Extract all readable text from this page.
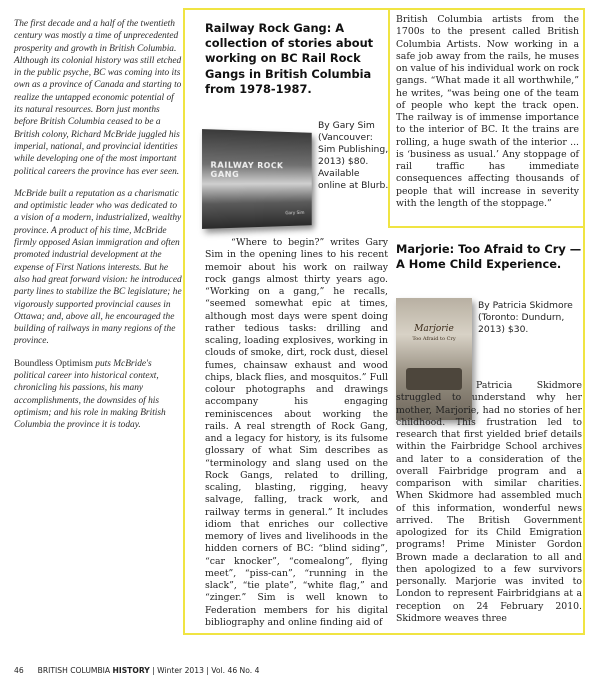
The first decade and a half of the twentieth century was mostly a time of unprecedented prosperity and growth in British Columbia. Although its colonial history was still etched in the public psyche, BC was coming into its own as a province of Canada and starting to realize the untapped economic potential of its natural resources. Born just months before British Columbia ceased to be a British colony, Richard McBride juggled his imperial, national, and provincial identities while developing one of the most important political careers the province has ever seen.

McBride built a reputation as a charismatic and optimistic leader who was dedicated to a vision of a modern, industrialized, wealthy province. A product of his time, McBride firmly opposed Asian immigration and often promoted industrial development at the expense of First Nations interests. But he also had great forward vision: he introduced party lines to stabilize the BC legislature; he vigorously supported provincial causes in Ottawa; and, above all, he encouraged the building of railways in many regions of the province.

Boundless Optimism puts McBride's political career into historical context, chronicling his passions, his many accomplishments, the downsides of his optimism; and his role in making British Columbia the province it is today.

Railway Rock Gang: A collection of stories about working on BC Rail Rock Gangs in British Columbia from 1978-1987.
RAILWAY ROCK GANG
Gary Sim
By Gary Sim (Vancouver: Sim Publishing, 2013) $80. Available online at Blurb.

“Where to begin?” writes Gary Sim in the opening lines to his recent memoir about his work on railway rock gangs almost thirty years ago. “Working on a gang,” he recalls, “seemed somewhat epic at times, although most days were spent doing rather tedious tasks: drilling and scaling, loading explosives, working in clouds of smoke, dirt, rock dust, diesel fumes, chainsaw exhaust and wood chips, black flies, and mosquitos.” Full colour photographs and drawings accompany his engaging reminiscences about working the rails. A real strength of Rock Gang, and a legacy for history, is its fulsome glossary of what Sim describes as “terminology and slang used on the Rock Gangs, related to drilling, scaling, blasting, rigging, heavy salvage, falling, track work, and railway terms in general.” It includes idiom that enriches our collective memory of lives and livelihoods in the hidden corners of BC: “blind siding”, “car knocker”, “comealong”, flying meet”, “piss-can”, “running in the slack”, “tie plate”, “white flag,” and “zinger.” Sim is well known to Federation members for his digital bibliography and online finding aid of

British Columbia artists from the 1700s to the present called British Columbia Artists. Now working in a safe job away from the rails, he muses on value of his individual work on rock gangs. “What made it all worthwhile,” he writes, “was being one of the team of people who kept the track open. The railway is of immense importance to the interior of BC. It the trains are rolling, a huge swath of the interior ... is ‘business as usual.’ Any stoppage of rail traffic has immediate consequences affecting thousands of people that will increase in severity with the length of the stoppage.”
Marjorie: Too Afraid to Cry — A Home Child Experience.
Marjorie
Too Afraid to Cry
By Patricia Skidmore (Toronto: Dundurn, 2013) $30.

Patricia Skidmore struggled to understand why her mother, Marjorie, had no stories of her childhood. This frustration led to research that first yielded brief details within the Fairbridge School archives and later to a consideration of the overall Fairbridge program and a comparison with similar charities. When Skidmore had assembled much of this information, wonderful news arrived. The British Government apologized for its Child Emigration programs! Prime Minister Gordon Brown made a declaration to all and then apologized to a few survivors personally. Marjorie was invited to London to represent Fairbridgians at a reception on 24 February 2010. Skidmore weaves three

46 BRITISH COLUMBIA HISTORY | Winter 2013 | Vol. 46 No. 4
